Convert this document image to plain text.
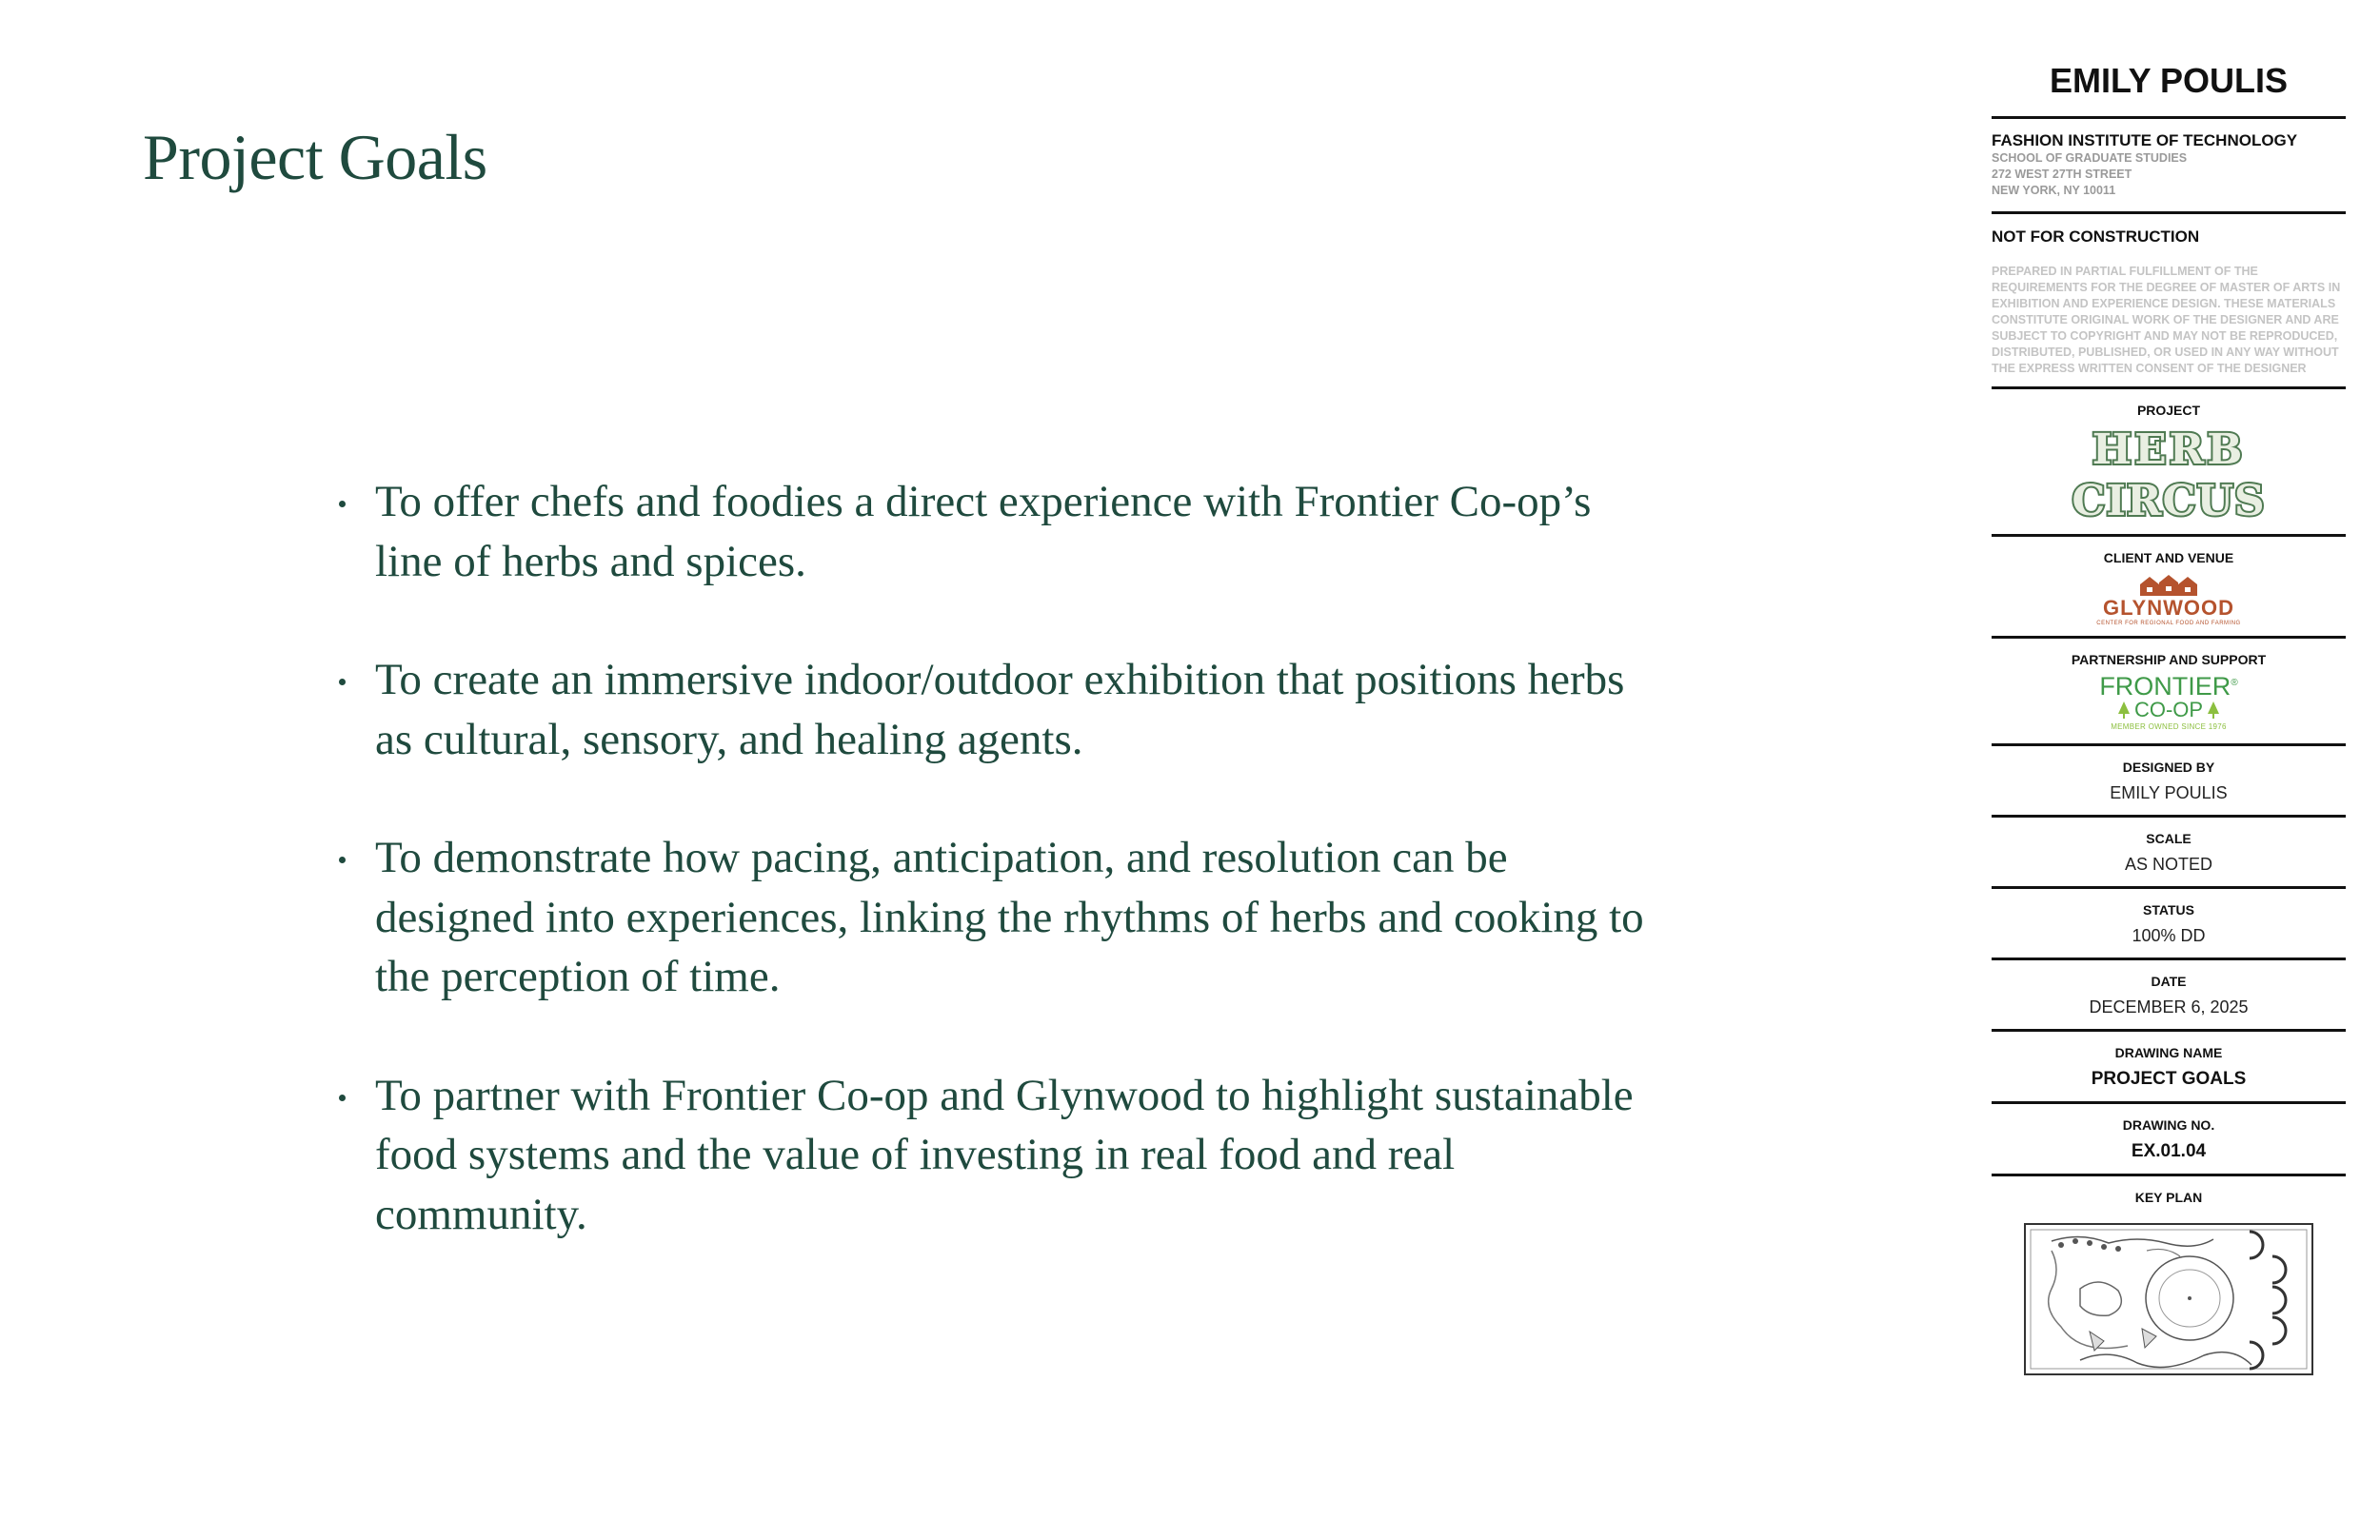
Project Goals
To offer chefs and foodies a direct experience with Frontier Co-op’s line of herbs and spices.
To create an immersive indoor/outdoor exhibition that positions herbs as cultural, sensory, and healing agents.
To demonstrate how pacing, anticipation, and resolution can be designed into experiences, linking the rhythms of herbs and cooking to the perception of time.
To partner with Frontier Co-op and Glynwood to highlight sustainable food systems and the value of investing in real food and real community.
EMILY POULIS
FASHION INSTITUTE OF TECHNOLOGY
SCHOOL OF GRADUATE STUDIES
272 WEST 27TH STREET
NEW YORK, NY 10011
NOT FOR CONSTRUCTION
PREPARED IN PARTIAL FULFILLMENT OF THE REQUIREMENTS FOR THE DEGREE OF MASTER OF ARTS IN EXHIBITION AND EXPERIENCE DESIGN. THESE MATERIALS CONSTITUTE ORIGINAL WORK OF THE DESIGNER AND ARE SUBJECT TO COPYRIGHT AND MAY NOT BE REPRODUCED, DISTRIBUTED, PUBLISHED, OR USED IN ANY WAY WITHOUT THE EXPRESS WRITTEN CONSENT OF THE DESIGNER
PROJECT
HERB
CIRCUS
CLIENT AND VENUE
GLYNWOOD
CENTER FOR REGIONAL FOOD AND FARMING
PARTNERSHIP AND SUPPORT
FRONTIER®
CO-OP
MEMBER OWNED SINCE 1976
DESIGNED BY
EMILY POULIS
SCALE
AS NOTED
STATUS
100% DD
DATE
DECEMBER 6, 2025
DRAWING NAME
PROJECT GOALS
DRAWING NO.
EX.01.04
KEY PLAN
